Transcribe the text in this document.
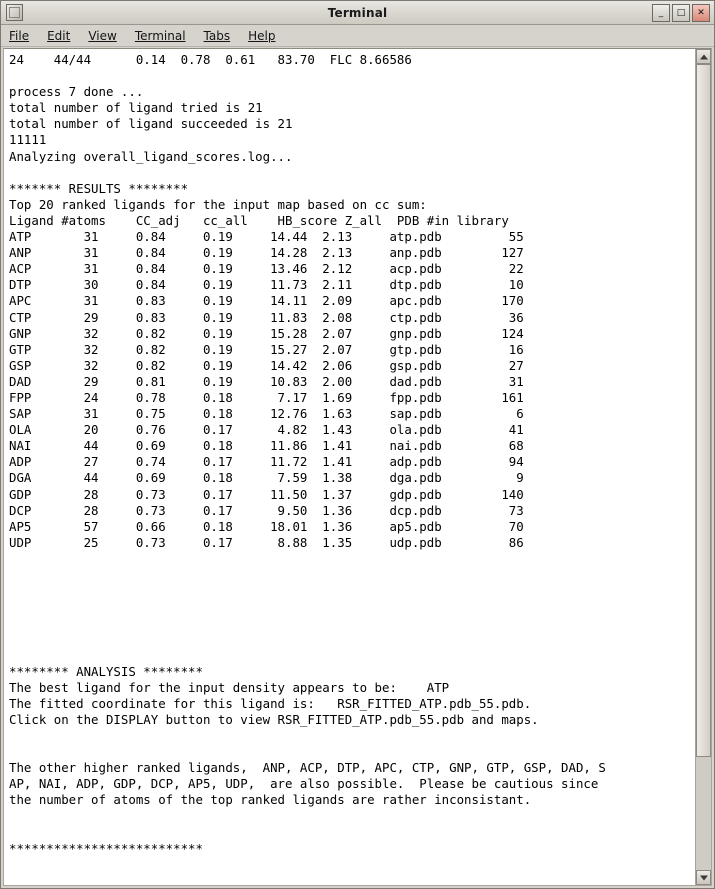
Terminal	_	□	✕
File Edit View Terminal Tabs Help
24    44/44      0.14  0.78  0.61   83.70  FLC 8.66586

process 7 done ...
total number of ligand tried is 21
total number of ligand succeeded is 21
11111
Analyzing overall_ligand_scores.log...

******* RESULTS ********
Top 20 ranked ligands for the input map based on cc sum:
Ligand #atoms    CC_adj   cc_all    HB_score Z_all  PDB #in library
ATP       31     0.84     0.19     14.44  2.13     atp.pdb         55
ANP       31     0.84     0.19     14.28  2.13     anp.pdb        127
ACP       31     0.84     0.19     13.46  2.12     acp.pdb         22
DTP       30     0.84     0.19     11.73  2.11     dtp.pdb         10
APC       31     0.83     0.19     14.11  2.09     apc.pdb        170
CTP       29     0.83     0.19     11.83  2.08     ctp.pdb         36
GNP       32     0.82     0.19     15.28  2.07     gnp.pdb        124
GTP       32     0.82     0.19     15.27  2.07     gtp.pdb         16
GSP       32     0.82     0.19     14.42  2.06     gsp.pdb         27
DAD       29     0.81     0.19     10.83  2.00     dad.pdb         31
FPP       24     0.78     0.18      7.17  1.69     fpp.pdb        161
SAP       31     0.75     0.18     12.76  1.63     sap.pdb          6
OLA       20     0.76     0.17      4.82  1.43     ola.pdb         41
NAI       44     0.69     0.18     11.86  1.41     nai.pdb         68
ADP       27     0.74     0.17     11.72  1.41     adp.pdb         94
DGA       44     0.69     0.18      7.59  1.38     dga.pdb          9
GDP       28     0.73     0.17     11.50  1.37     gdp.pdb        140
DCP       28     0.73     0.17      9.50  1.36     dcp.pdb         73
AP5       57     0.66     0.18     18.01  1.36     ap5.pdb         70
UDP       25     0.73     0.17      8.88  1.35     udp.pdb         86

******** ANALYSIS ********
The best ligand for the input density appears to be:    ATP
The fitted coordinate for this ligand is:   RSR_FITTED_ATP.pdb_55.pdb.
Click on the DISPLAY button to view RSR_FITTED_ATP.pdb_55.pdb and maps.

The other higher ranked ligands,  ANP, ACP, DTP, APC, CTP, GNP, GTP, GSP, DAD, S
AP, NAI, ADP, GDP, DCP, AP5, UDP,  are also possible.  Please be cautious since
the number of atoms of the top ranked ligands are rather inconsistant.

**************************
